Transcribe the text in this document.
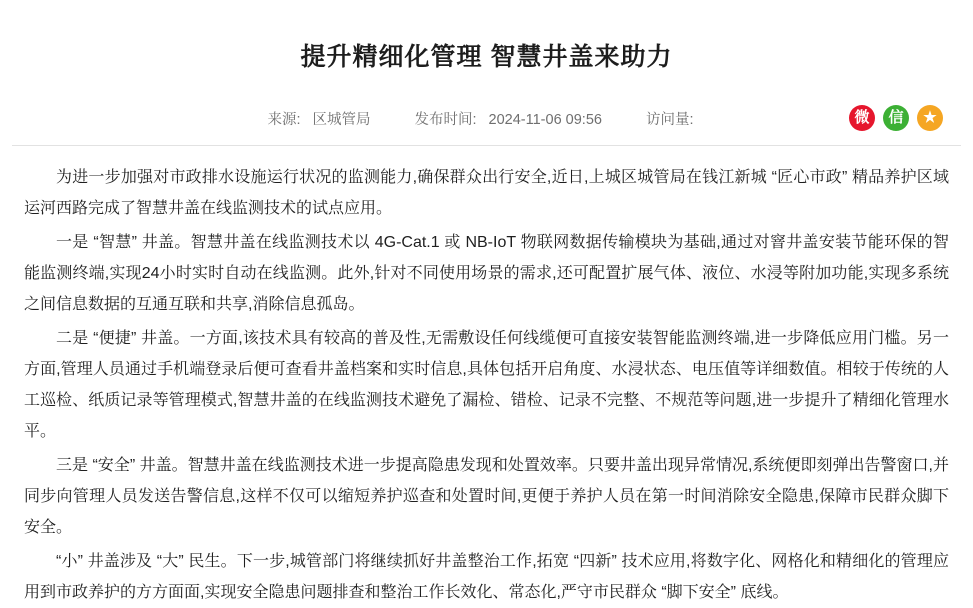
提升精细化管理 智慧井盖来助力
来源: 区城管局	发布时间: 2024-11-06 09:56	访问量:	微 信 ★

为进一步加强对市政排水设施运行状况的监测能力,确保群众出行安全,近日,上城区城管局在钱江新城 “匠心市政” 精品养护区域运河西路完成了智慧井盖在线监测技术的试点应用。

一是 “智慧” 井盖。智慧井盖在线监测技术以 4G-Cat.1 或 NB-IoT 物联网数据传输模块为基础,通过对窨井盖安装节能环保的智能监测终端,实现24小时实时自动在线监测。此外,针对不同使用场景的需求,还可配置扩展气体、液位、水浸等附加功能,实现多系统之间信息数据的互通互联和共享,消除信息孤岛。

二是 “便捷” 井盖。一方面,该技术具有较高的普及性,无需敷设任何线缆便可直接安装智能监测终端,进一步降低应用门槛。另一方面,管理人员通过手机端登录后便可查看井盖档案和实时信息,具体包括开启角度、水浸状态、电压值等详细数值。相较于传统的人工巡检、纸质记录等管理模式,智慧井盖的在线监测技术避免了漏检、错检、记录不完整、不规范等问题,进一步提升了精细化管理水平。

三是 “安全” 井盖。智慧井盖在线监测技术进一步提高隐患发现和处置效率。只要井盖出现异常情况,系统便即刻弹出告警窗口,并同步向管理人员发送告警信息,这样不仅可以缩短养护巡查和处置时间,更便于养护人员在第一时间消除安全隐患,保障市民群众脚下安全。

“小” 井盖涉及 “大” 民生。下一步,城管部门将继续抓好井盖整治工作,拓宽 “四新” 技术应用,将数字化、网格化和精细化的管理应用到市政养护的方方面面,实现安全隐患问题排查和整治工作长效化、常态化,严守市民群众 “脚下安全” 底线。
